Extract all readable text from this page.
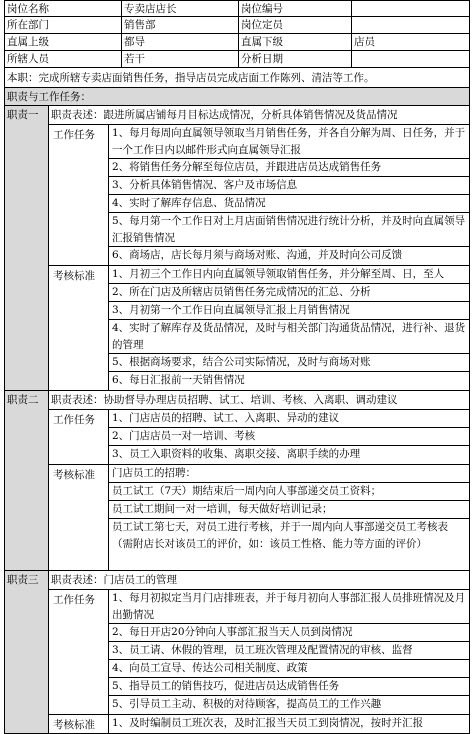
岗位名称	专卖店店长	岗位编号
所在部门	销售部	岗位定员
直属上级	都导	直属下级	店员
所辖人员	若干	分析日期
本职：完成所辖专卖店面销售任务，指导店员完成店面工作陈列、清洁等工作。
职责与工作任务：
职责一	职责表述：跟进所属店铺每月目标达成情况，分析具体销售情况及货品情况
工作任务	1、每月每周向直属领导领取当月销售任务，并各自分解为周、日任务，并于一个工作日内以邮件形式向直属领导汇报
2、将销售任务分解至每位店员，并跟进店员达成销售任务
3、分析具体销售情况、客户及市场信息
4、实时了解库存信息、货品情况
5、每月第一个工作日对上月店面销售情况进行统计分析，并及时向直属领导汇报销售情况
6、商场店，店长每月须与商场对账、沟通，并及时向公司反馈
考核标准	1、月初三个工作日内向直属领导领取销售任务，并分解至周、日，至人
2、所在门店及所辖店员销售任务完成情况的汇总、分析
3、月初第一个工作日向直属领导汇报上月销售情况
4、实时了解库存及货品情况，及时与相关部门沟通货品情况，进行补、退货的管理
5、根据商场要求，结合公司实际情况，及时与商场对账
6、每日汇报前一天销售情况
职责二	职责表述：协助督导办理店员招聘、试工、培训、考核、入离职、调动建议
工作任务	1、门店店员的招聘、试工、入离职、异动的建议
2、门店店员一对一培训、考核
3、员工入职资料的收集、离职交接、离职手续的办理
考核标准	门店员工的招聘：
员工试工（7天）期结束后一周内向人事部递交员工资料；
员工试工期间一对一培训，每天做好培训记录；
员工试工第七天，对员工进行考核，并于一周内向人事部递交员工考核表（需附店长对该员工的评价，如：该员工性格、能力等方面的评价）
职责三	职责表述：门店员工的管理
工作任务	1、每月初拟定当月门店排班表，并于每月初向人事部汇报人员排班情况及月出勤情况
2、每日开店20分钟向人事部汇报当天人员到岗情况
3、员工请、休假的管理，员工班次管理及配置情况的审核、监督
4、向员工宣导、传达公司相关制度、政策
5、指导员工的销售技巧，促进店员达成销售任务
5、引导员工主动、积极的对待顾客，提高员工的工作兴趣
考核标准	1、及时编制员工班次表，及时汇报当天员工到岗情况，按时并汇报
